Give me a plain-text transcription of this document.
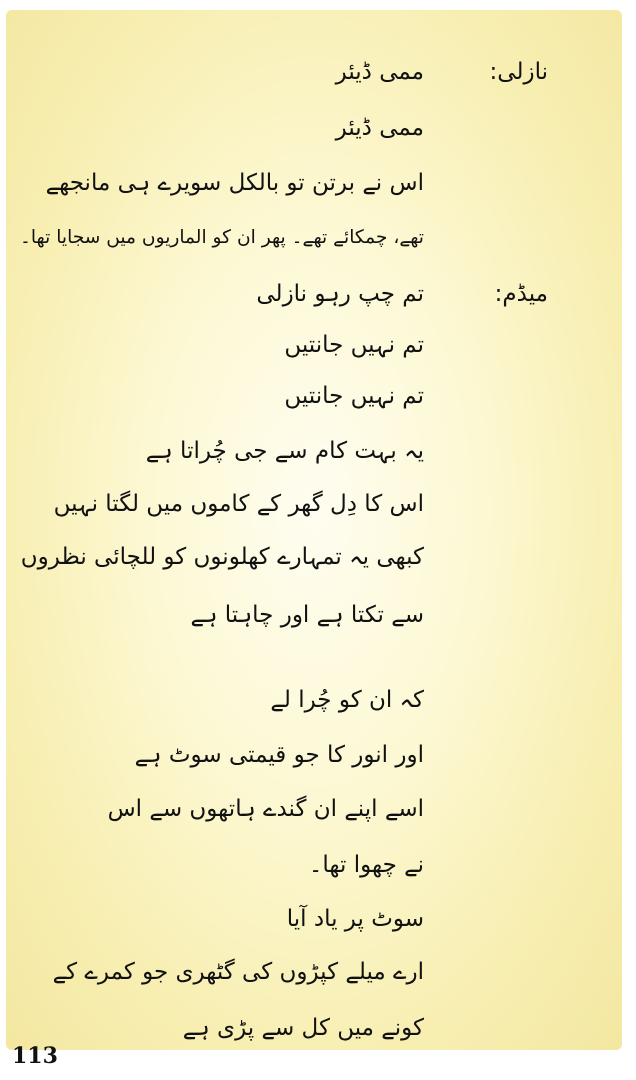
نازلی:
ممی ڈیئر
ممی ڈیئر
اس نے برتن تو بالکل سویرے ہی مانجھے
تھے، چمکائے تھے۔ پھر ان کو الماریوں میں سجایا تھا۔
میڈم:
تم چپ رہو نازلی
تم نہیں جانتیں
تم نہیں جانتیں
یہ بہت کام سے جی چُراتا ہے
اس کا دِل گھر کے کاموں میں لگتا نہیں
کبھی یہ تمہارے کھلونوں کو للچائی نظروں
سے تکتا ہے اور چاہتا ہے
کہ ان کو چُرا لے
اور انور کا جو قیمتی سوٹ ہے
اسے اپنے ان گندے ہاتھوں سے اس
نے چھوا تھا۔
سوٹ پر یاد آیا
ارے میلے کپڑوں کی گٹھری جو کمرے کے
کونے میں کل سے پڑی ہے
113
